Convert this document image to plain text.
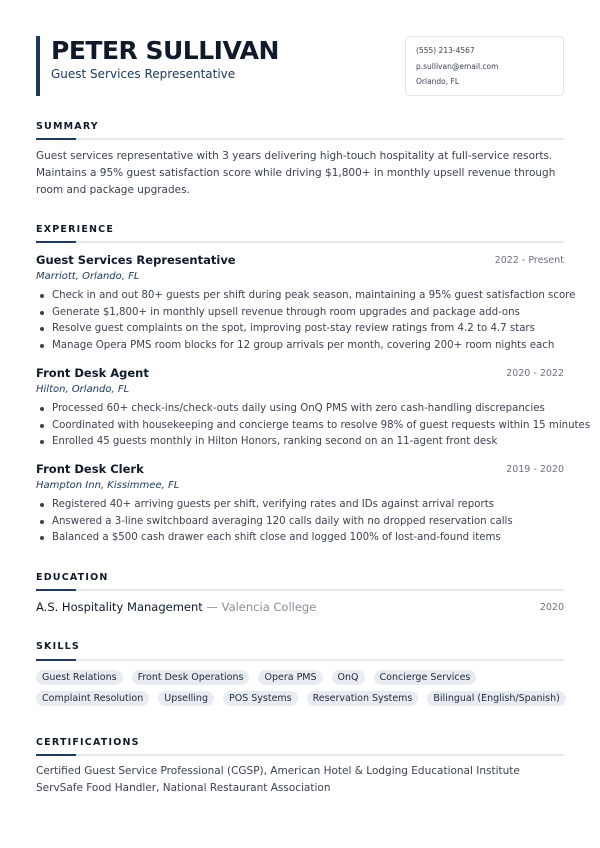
PETER SULLIVAN
Guest Services Representative
(555) 213-4567
p.sullivan@email.com
Orlando, FL
SUMMARY
Guest services representative with 3 years delivering high-touch hospitality at full-service resorts. Maintains a 95% guest satisfaction score while driving $1,800+ in monthly upsell revenue through room and package upgrades.
EXPERIENCE
Guest Services Representative	2022 - Present
Marriott, Orlando, FL
Check in and out 80+ guests per shift during peak season, maintaining a 95% guest satisfaction score
Generate $1,800+ in monthly upsell revenue through room upgrades and package add-ons
Resolve guest complaints on the spot, improving post-stay review ratings from 4.2 to 4.7 stars
Manage Opera PMS room blocks for 12 group arrivals per month, covering 200+ room nights each
Front Desk Agent	2020 - 2022
Hilton, Orlando, FL
Processed 60+ check-ins/check-outs daily using OnQ PMS with zero cash-handling discrepancies
Coordinated with housekeeping and concierge teams to resolve 98% of guest requests within 15 minutes
Enrolled 45 guests monthly in Hilton Honors, ranking second on an 11-agent front desk
Front Desk Clerk	2019 - 2020
Hampton Inn, Kissimmee, FL
Registered 40+ arriving guests per shift, verifying rates and IDs against arrival reports
Answered a 3-line switchboard averaging 120 calls daily with no dropped reservation calls
Balanced a $500 cash drawer each shift close and logged 100% of lost-and-found items
EDUCATION
A.S. Hospitality Management — Valencia College	2020
SKILLS
Guest Relations	Front Desk Operations	Opera PMS	OnQ	Concierge Services
Complaint Resolution	Upselling	POS Systems	Reservation Systems	Bilingual (English/Spanish)
CERTIFICATIONS
Certified Guest Service Professional (CGSP), American Hotel & Lodging Educational Institute
ServSafe Food Handler, National Restaurant Association
